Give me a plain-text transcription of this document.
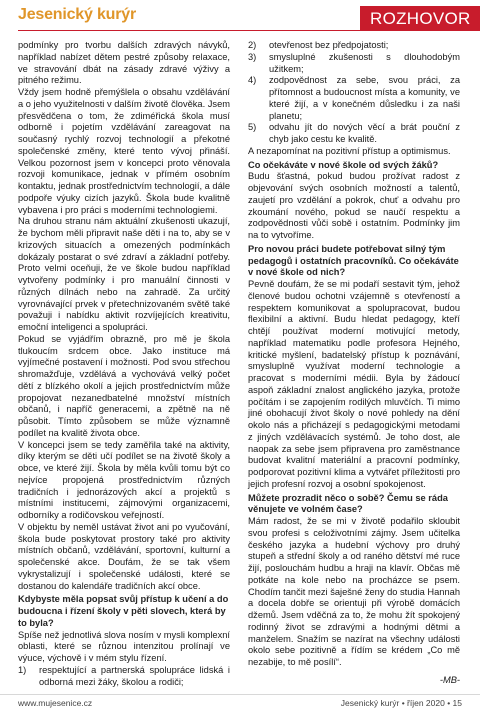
Jesenický kurýr	ROZHOVOR

podmínky pro tvorbu dalších zdravých návyků, například nabízet dětem pestré způsoby relaxace, ve stravování dbát na zásady zdravé výživy a pitného režimu.

Vždy jsem hodně přemýšlela o obsahu vzdělávání a o jeho využitelnosti v dalším životě člověka. Jsem přesvědčena o tom, že zdiméřická škola musí odborně i pojetím vzdělávání zareagovat na současný rychlý rozvoj technologií a překotné společenské změny, které tento vývoj přináší. Velkou pozornost jsem v koncepci proto věnovala rozvoji komunikace, jednak v přímém osobním kontaktu, jednak prostřednictvím technologií, a dále podpoře výuky cizích jazyků. Škola bude kvalitně vybavena i pro práci s moderními technologiemi.

Na druhou stranu nám aktuální zkušenosti ukazují, že bychom měli připravit naše děti i na to, aby se v krizových situacích a omezených podmínkách dokázaly postarat o své zdraví a základní potřeby. Proto velmi oceňuji, že ve škole budou například vytvořeny podmínky i pro manuální činnosti v různých dílnách nebo na zahradě. Za určitý vyrovnávající prvek v přetechnizovaném světě také považuji i nabídku aktivit rozvíjejících kreativitu, emoční inteligenci a spolupráci.

Pokud se vyjádřím obrazně, pro mě je škola tlukoucím srdcem obce. Jako instituce má vyjímečné postavení i možnosti. Pod svou střechou shromažďuje, vzdělává a vychovává velký počet dětí z blízkého okolí a jejich prostřednictvím může propojovat nezanedbatelné množství místních občanů, i napříč generacemi, a zpětně na ně působit. Tímto způsobem se může významně podílet na kvalitě života obce.

V koncepci jsem se tedy zaměřila také na aktivity, díky kterým se děti učí podílet se na životě školy a obce, ve které žijí. Škola by měla kvůli tomu být co nejvíce propojená prostřednictvím různých tradičních i jednorázových akcí a projektů s místními institucemi, zájmovými organizacemi, odborníky a rodičovskou veřejností.

V objektu by neměl ustávat život ani po vyučování, škola bude poskytovat prostory také pro aktivity místních občanů, vzdělávání, sportovní, kulturní a společenské akce. Doufám, že se tak všem vykrystalizují i společenské události, které se dostanou do kalendáře tradičních akcí obce.

Kdybyste měla popsat svůj přístup k učení a do budoucna i řízení školy v pěti slovech, která by to byla?

Spíše než jednotlivá slova nosím v mysli komplexní oblasti, které se různou intenzitou prolínají ve výuce, výchově i v mém stylu řízení.

1) respektující a partnerská spolupráce lidská i odborná mezi žáky, školou a rodiči;
2) otevřenost bez předpojatosti;
3) smysluplné zkušenosti s dlouhodobým užitkem;
4) zodpovědnost za sebe, svou práci, za přítomnost a budoucnost místa a komunity, ve které žijí, a v konečném důsledku i za naši planetu;
5) odvahu jít do nových věcí a brát pouční z chyb jako cestu ke kvalitě.

A nezapomínat na pozitivní přístup a optimismus.

Co očekáváte v nové škole od svých žáků?

Budu šťastná, pokud budou prožívat radost z objevování svých osobních možností a talentů, zaujetí pro vzdělání a pokrok, chuť a odvahu pro zkoumání nového, pokud se naučí respektu a zodpovědnosti vůči sobě i ostatním. Podmínky jim na to vytvoříme.

Pro novou práci budete potřebovat silný tým pedagogů i ostatních pracovníků. Co očekáváte v nové škole od nich?

Pevně doufám, že se mi podaří sestavit tým, jehož členové budou ochotni vzájemně s otevřeností a respektem komunikovat a spolupracovat, budou flexibilní a aktivní. Budu hledat pedagogy, kteří chtějí používat moderní motivující metody, například matematiku podle profesora Hejného, kritické myšlení, badatelský přístup k poznávání, smysluplně využívat moderní technologie a pracovat s moderními médii. Byla by žádoucí aspoň základní znalost anglického jazyka, protože počítám i se zapojením rodilých mluvčích. Ti mimo jiné obohacují život školy o nové pohledy na dění okolo nás a přicházejí s pedagogickými metodami z jiných vzdělávacích systémů. Je toho dost, ale naopak za sebe jsem připravena pro zaměstnance budovat kvalitní materiální a pracovní podmínky, podporovat pozitivní klima a vytvářet příležitosti pro jejich profesní rozvoj a osobní spokojenost.

Můžete prozradit něco o sobě? Čemu se ráda věnujete ve volném čase?

Mám radost, že se mi v životě podařilo skloubit svou profesi s celoživotními zájmy. Jsem učitelka českého jazyka a hudební výchovy pro druhý stupeň a střední školy a od raného dětství mé ruce žijí, poslouchám hudbu a hraji na klavír. Občas mě potkáte na kole nebo na procházce se psem. Chodím tančit mezi šaješné ženy do studia Hannah a docela dobře se orientuji při výrobě domácích džemů. Jsem vděčná za to, že mohu žít spokojený rodinný život se zdravými a hodnými dětmi a manželem. Snažím se nazírat na všechny události okolo sebe pozitivně a řídím se krédem „Co mě nezabije, to mě posílí“.

-MB-

www.mujesenice.cz	Jesenický kurýr • říjen 2020 • 15
